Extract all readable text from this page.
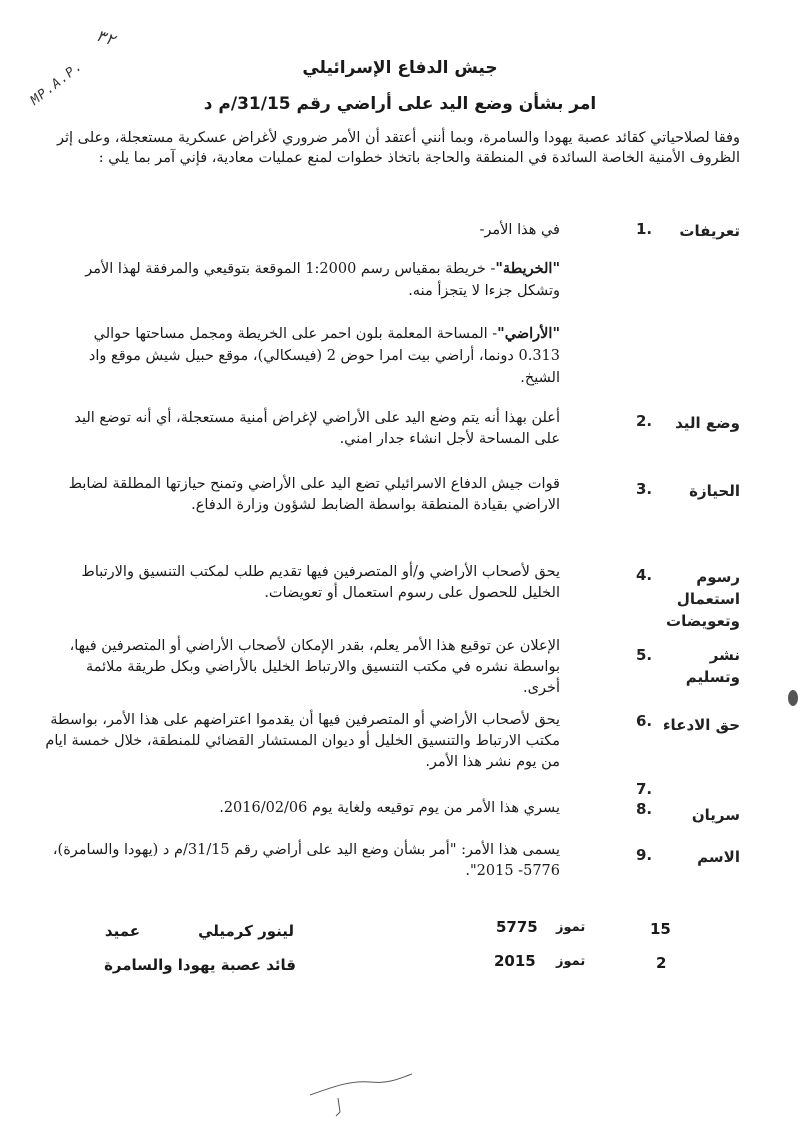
٣٢
MP.A.P.	جيش الدفاع الإسرائيلي
امر بشأن وضع اليد على أراضي رقم 31/15/م د
وفقا لصلاحياتي كقائد عصبة يهودا والسامرة، وبما أنني أعتقد أن الأمر ضروري لأغراض عسكرية مستعجلة، وعلى إثر الظروف الأمنية الخاصة السائدة في المنطقة والحاجة باتخاذ خطوات لمنع عمليات معادية، فإني آمر بما يلي :
تعريفات
1.
في هذا الأمر-
"الخريطة"- خريطة بمقياس رسم 1:2000 الموقعة بتوقيعي والمرفقة لهذا الأمر وتشكل جزءا لا يتجزأ منه.
"الأراضي"- المساحة المعلمة بلون احمر على الخريطة ومجمل مساحتها حوالي 0.313 دونما، أراضي بيت امرا حوض 2 (فيسكالي)، موقع حبيل شيش موقع واد الشيخ.
وضع اليد
2.
أعلن بهذا أنه يتم وضع اليد على الأراضي لإغراض أمنية مستعجلة، أي أنه توضع اليد على المساحة لأجل انشاء جدار امني.
الحيازة
3.
قوات جيش الدفاع الاسرائيلي تضع اليد على الأراضي وتمنح حيازتها المطلقة لضابط الاراضي بقيادة المنطقة بواسطة الضابط لشؤون وزارة الدفاع.
رسوم استعمال وتعويضات
4.
يحق لأصحاب الأراضي و/أو المتصرفين فيها تقديم طلب لمكتب التنسيق والارتباط الخليل للحصول على رسوم استعمال أو تعويضات.
نشر وتسليم
5.
الإعلان عن توقيع هذا الأمر يعلم، بقدر الإمكان لأصحاب الأراضي أو المتصرفين فيها، بواسطة نشره في مكتب التنسيق والارتباط الخليل بالأراضي وبكل طريقة ملائمة أخرى.
حق الادعاء
6.
يحق لأصحاب الأراضي أو المتصرفين فيها أن يقدموا اعتراضهم على هذا الأمر، بواسطة مكتب الارتباط والتنسيق الخليل أو ديوان المستشار القضائي للمنطقة، خلال خمسة ايام من يوم نشر هذا الأمر.
7.
سريان
8.
يسري هذا الأمر من يوم توقيعه ولغاية يوم 2016/02/06.
الاسم
9.
يسمى هذا الأمر: "أمر بشأن وضع اليد على أراضي رقم 31/15/م د (يهودا والسامرة)، 5776- 2015".
15
تموز
5775
لينور كرميلي
عميد
2
تموز
2015
قائد عصبة يهودا والسامرة
